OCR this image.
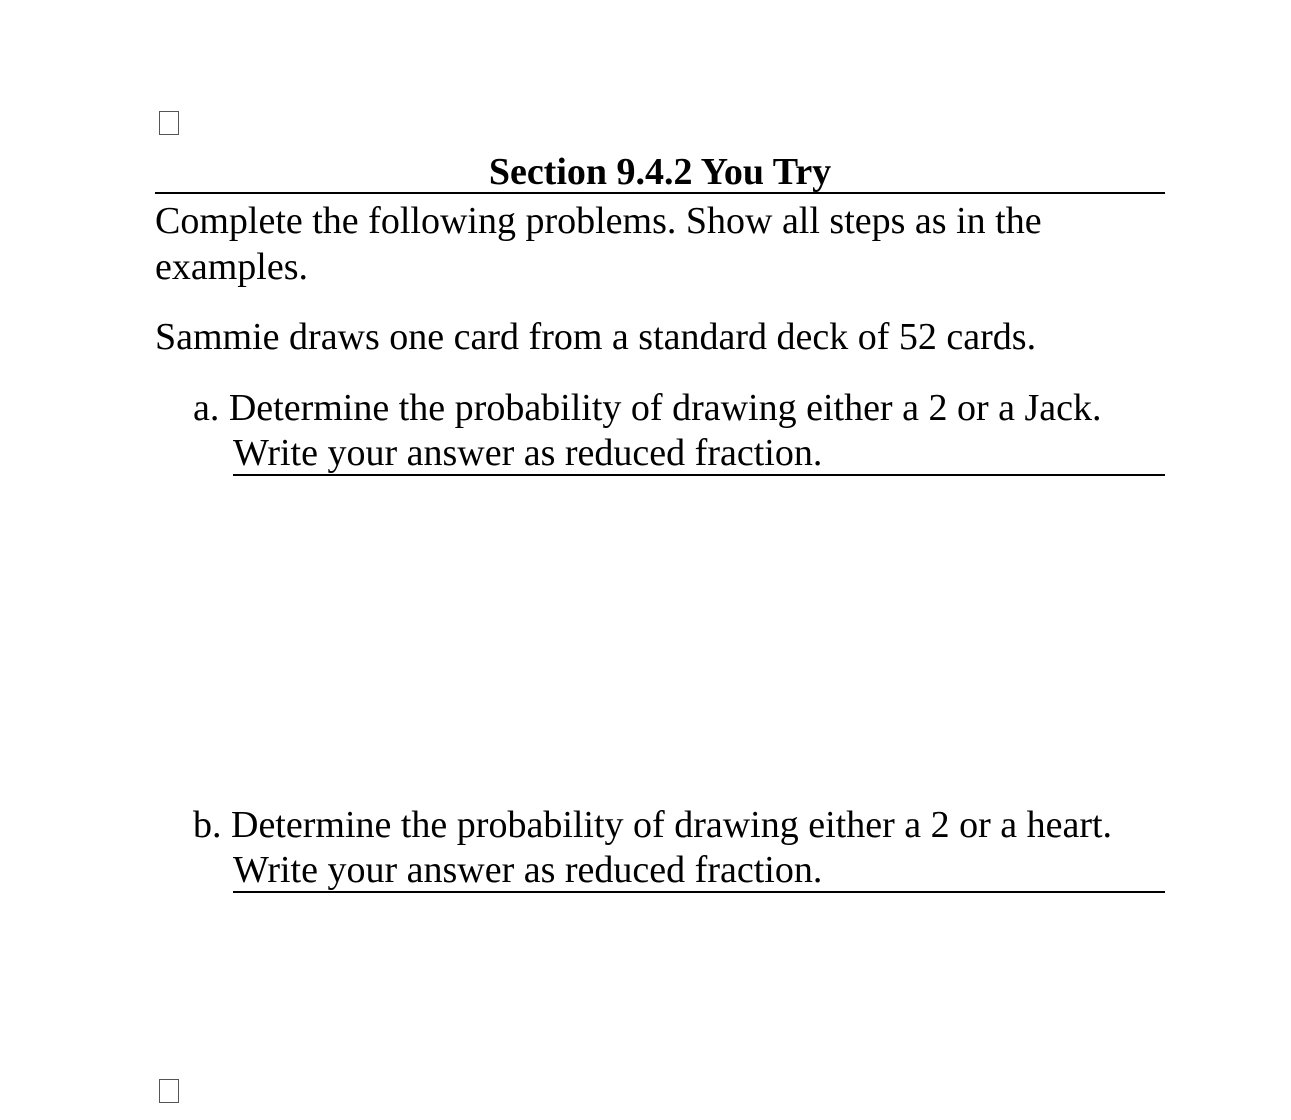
Section 9.4.2 You Try
Complete the following problems. Show all steps as in the examples.
Sammie draws one card from a standard deck of 52 cards.
a. Determine the probability of drawing either a 2 or a Jack.
Write your answer as reduced fraction.
b. Determine the probability of drawing either a 2 or a heart.
Write your answer as reduced fraction.
